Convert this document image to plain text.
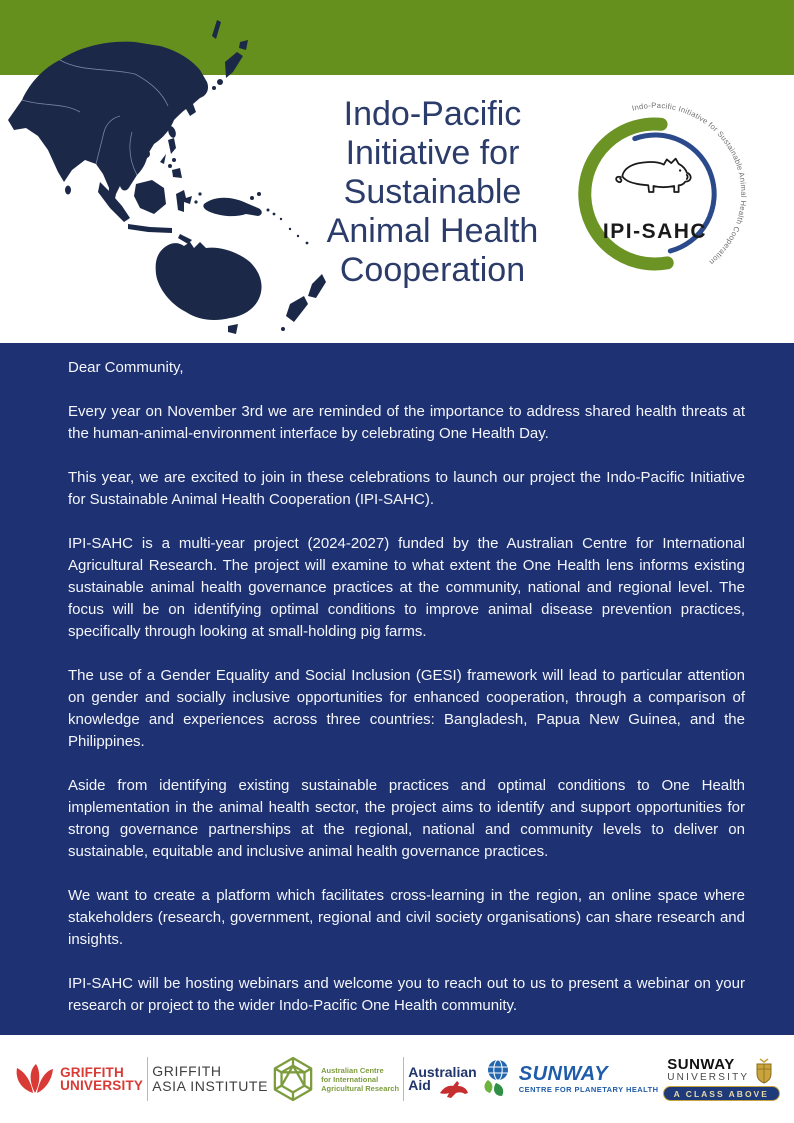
Indo-Pacific
Initiative for
Sustainable
Animal Health
Cooperation
Indo-Pacific Initiative for Sustainable Animal Health Cooperation
IPI-SAHC

Dear Community,

Every year on November 3rd we are reminded of the importance to address shared health threats at the human-animal-environment interface by celebrating One Health Day.

This year, we are excited to join in these celebrations to launch our project the Indo-Pacific Initiative for Sustainable Animal Health Cooperation (IPI-SAHC).

IPI-SAHC is a multi-year project (2024-2027) funded by the Australian Centre for International Agricultural Research. The project will examine to what extent the One Health lens informs existing sustainable animal health governance practices at the community, national and regional level. The focus will be on identifying optimal conditions to improve animal disease prevention practices, specifically through looking at small-holding pig farms.

The use of a Gender Equality and Social Inclusion (GESI) framework will lead to particular attention on gender and socially inclusive opportunities for enhanced cooperation, through a comparison of knowledge and experiences across three countries: Bangladesh, Papua New Guinea, and the Philippines.

Aside from identifying existing sustainable practices and optimal conditions to One Health implementation in the animal health sector, the project aims to identify and support opportunities for strong governance partnerships at the regional, national and community levels to deliver on sustainable, equitable and inclusive animal health governance practices.

We want to create a platform which facilitates cross-learning in the region, an online space where stakeholders (research, government, regional and civil society organisations) can share research and insights.

IPI-SAHC will be hosting webinars and welcome you to reach out to us to present a webinar on your research or project to the wider Indo-Pacific One Health community.

GRIFFITH
UNIVERSITY
GRIFFITH
ASIA INSTITUTE
Australian Centre
for International
Agricultural Research
Australian
Aid	SUNWAY
CENTRE FOR PLANETARY HEALTH
SUNWAY
UNIVERSITY
A CLASS ABOVE
